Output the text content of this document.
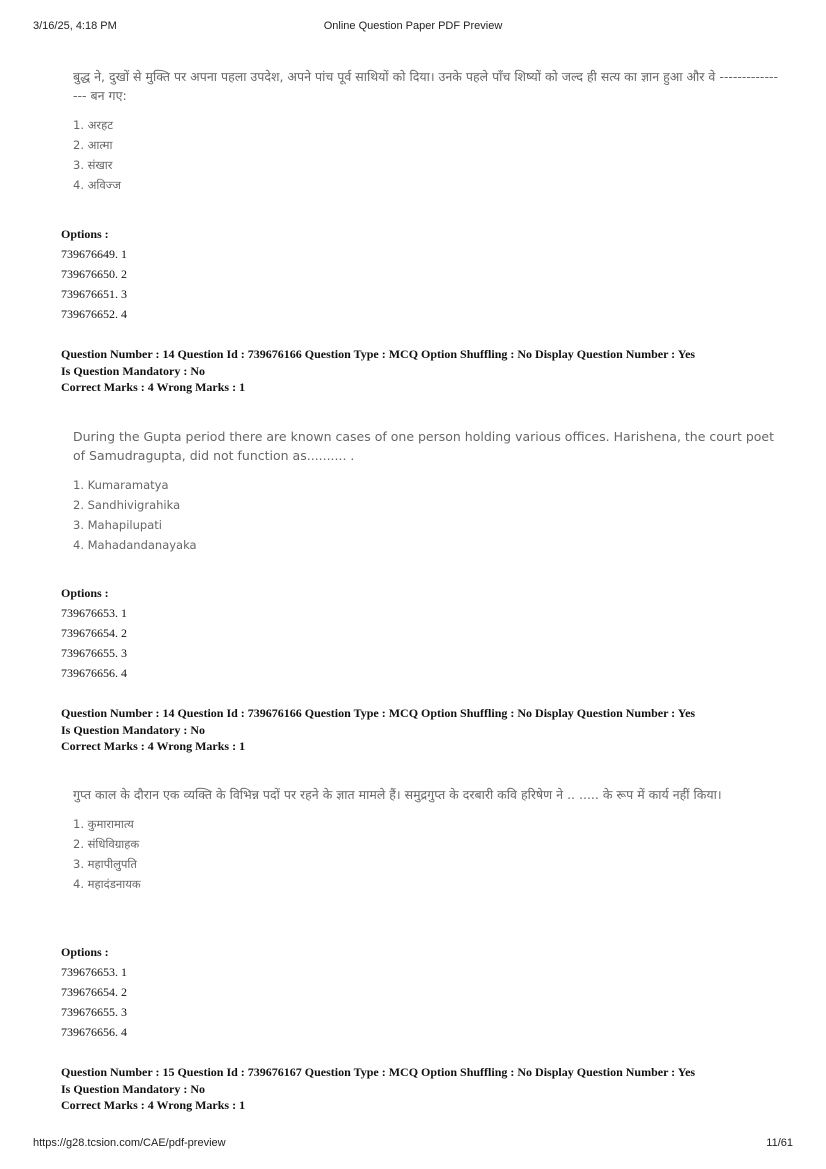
3/16/25, 4:18 PM	Online Question Paper PDF Preview
बुद्ध ने, दुखों से मुक्ति पर अपना पहला उपदेश, अपने पांच पूर्व साथियों को दिया। उनके पहले पाँच शिष्यों को जल्द ही सत्य का ज्ञान हुआ और वे ---------------- बन गए:
1. अरहट
2. आत्मा
3. संखार
4. अविज्ज
Options :
739676649. 1
739676650. 2
739676651. 3
739676652. 4
Question Number : 14 Question Id : 739676166 Question Type : MCQ Option Shuffling : No Display Question Number : Yes
Is Question Mandatory : No
Correct Marks : 4 Wrong Marks : 1
During the Gupta period there are known cases of one person holding various offices. Harishena, the court poet of Samudragupta, did not function as.......... .
1. Kumaramatya
2. Sandhivigrahika
3. Mahapilupati
4. Mahadandanayaka
Options :
739676653. 1
739676654. 2
739676655. 3
739676656. 4
Question Number : 14 Question Id : 739676166 Question Type : MCQ Option Shuffling : No Display Question Number : Yes
Is Question Mandatory : No
Correct Marks : 4 Wrong Marks : 1
गुप्त काल के दौरान एक व्यक्ति के विभिन्न पदों पर रहने के ज्ञात मामले हैं। समुद्रगुप्त के दरबारी कवि हरिषेण ने .. ..... के रूप में कार्य नहीं किया।
1. कुमारामात्य
2. संधिविग्राहक
3. महापीलुपति
4. महादंडनायक
Options :
739676653. 1
739676654. 2
739676655. 3
739676656. 4
Question Number : 15 Question Id : 739676167 Question Type : MCQ Option Shuffling : No Display Question Number : Yes
Is Question Mandatory : No
Correct Marks : 4 Wrong Marks : 1
https://g28.tcsion.com/CAE/pdf-preview	11/61
